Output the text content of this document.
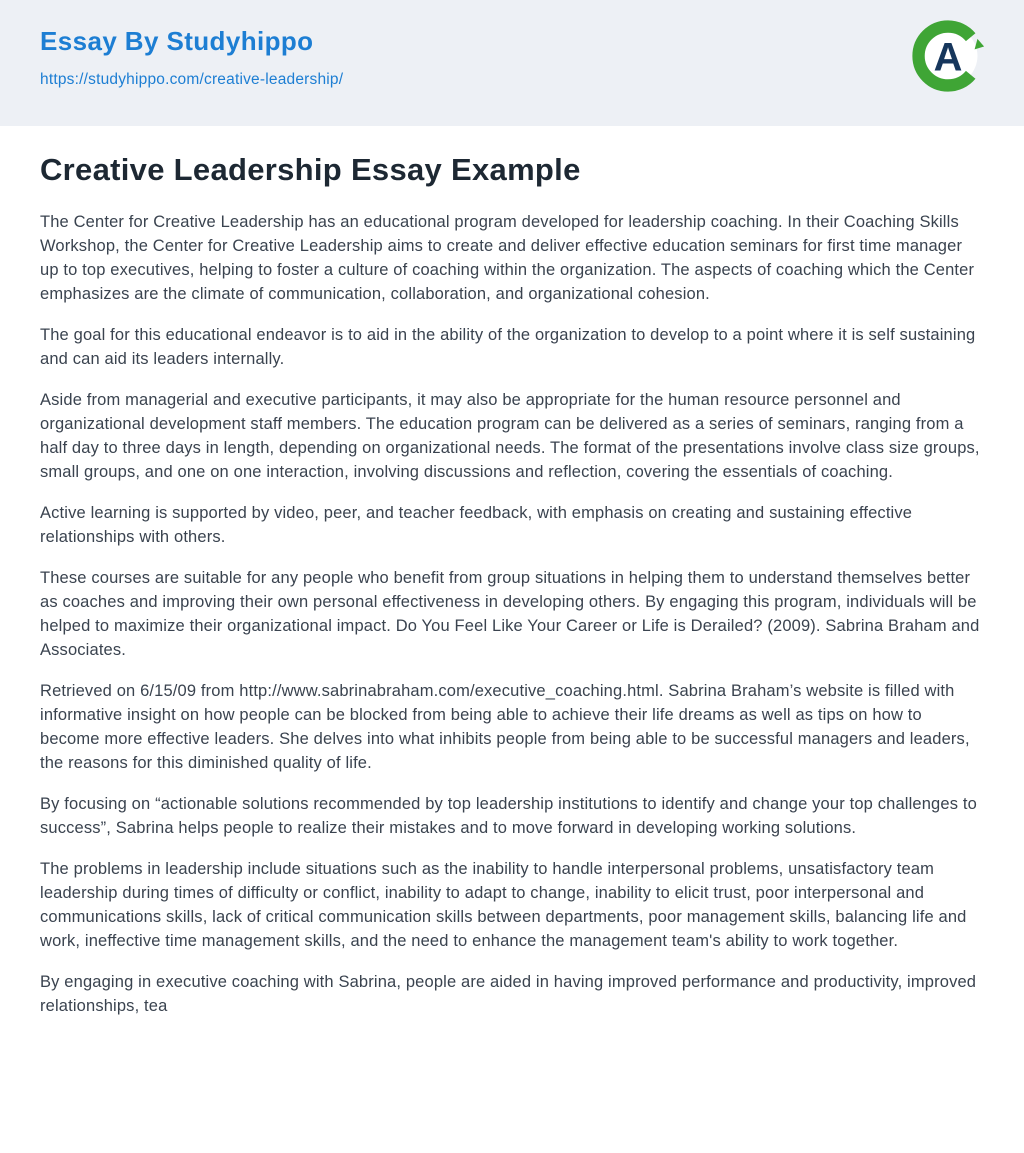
Essay By Studyhippo
https://studyhippo.com/creative-leadership/
A
Creative Leadership Essay Example

The Center for Creative Leadership has an educational program developed for leadership coaching. In their Coaching Skills Workshop, the Center for Creative Leadership aims to create and deliver effective education seminars for first time manager up to top executives, helping to foster a culture of coaching within the organization. The aspects of coaching which the Center emphasizes are the climate of communication, collaboration, and organizational cohesion.

The goal for this educational endeavor is to aid in the ability of the organization to develop to a point where it is self sustaining and can aid its leaders internally.

Aside from managerial and executive participants, it may also be appropriate for the human resource personnel and organizational development staff members. The education program can be delivered as a series of seminars, ranging from a half day to three days in length, depending on organizational needs. The format of the presentations involve class size groups, small groups, and one on one interaction, involving discussions and reflection, covering the essentials of coaching.

Active learning is supported by video, peer, and teacher feedback, with emphasis on creating and sustaining effective relationships with others.

These courses are suitable for any people who benefit from group situations in helping them to understand themselves better as coaches and improving their own personal effectiveness in developing others. By engaging this program, individuals will be helped to maximize their organizational impact. Do You Feel Like Your Career or Life is Derailed? (2009). Sabrina Braham and Associates.

Retrieved on 6/15/09 from http://www.sabrinabraham.com/executive_coaching.html. Sabrina Braham’s website is filled with informative insight on how people can be blocked from being able to achieve their life dreams as well as tips on how to become more effective leaders. She delves into what inhibits people from being able to be successful managers and leaders, the reasons for this diminished quality of life.

By focusing on “actionable solutions recommended by top leadership institutions to identify and change your top challenges to success”, Sabrina helps people to realize their mistakes and to move forward in developing working solutions.

The problems in leadership include situations such as the inability to handle interpersonal problems, unsatisfactory team leadership during times of difficulty or conflict, inability to adapt to change, inability to elicit trust, poor interpersonal and communications skills, lack of critical communication skills between departments, poor management skills, balancing life and work, ineffective time management skills, and the need to enhance the management team's ability to work together.

By engaging in executive coaching with Sabrina, people are aided in having improved performance and productivity, improved relationships, tea
